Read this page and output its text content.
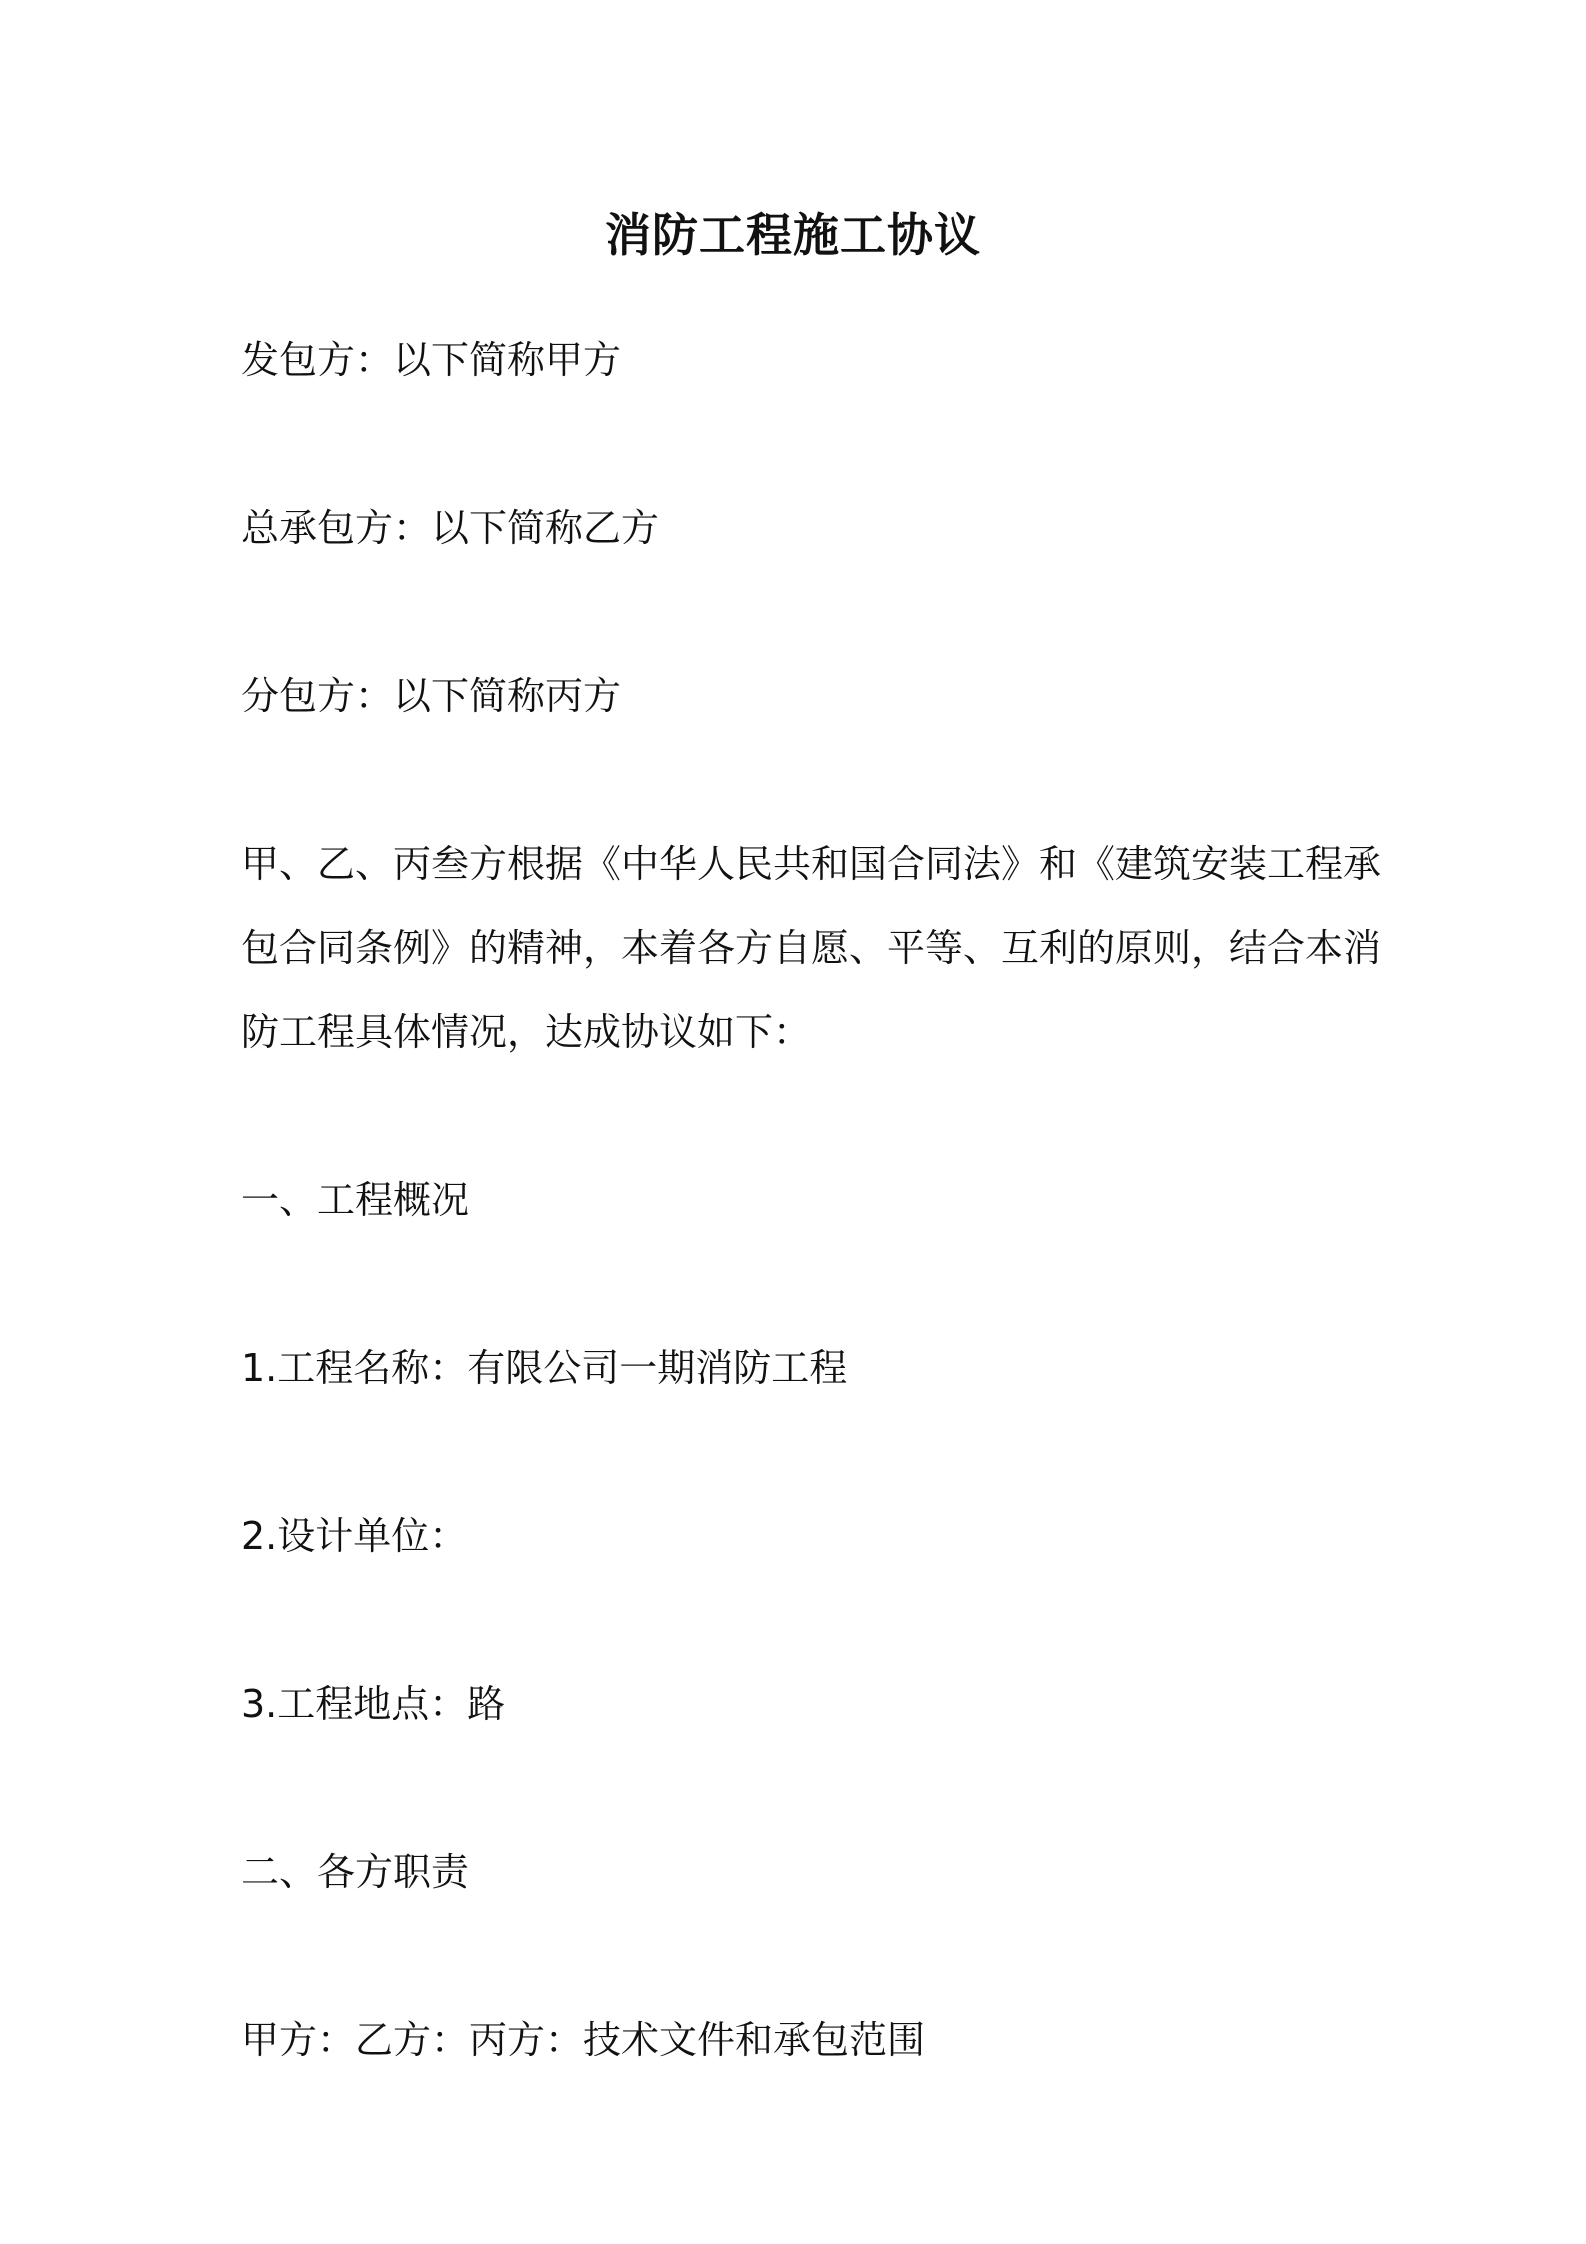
消防工程施工协议
发包方：以下简称甲方
总承包方：以下简称乙方
分包方：以下简称丙方
甲、乙、丙叁方根据《中华人民共和国合同法》和《建筑安装工程承
包合同条例》的精神，本着各方自愿、平等、互利的原则，结合本消
防工程具体情况，达成协议如下：
一、工程概况
1.工程名称：有限公司一期消防工程
2.设计单位：
3.工程地点：路
二、各方职责
甲方：乙方：丙方：技术文件和承包范围
